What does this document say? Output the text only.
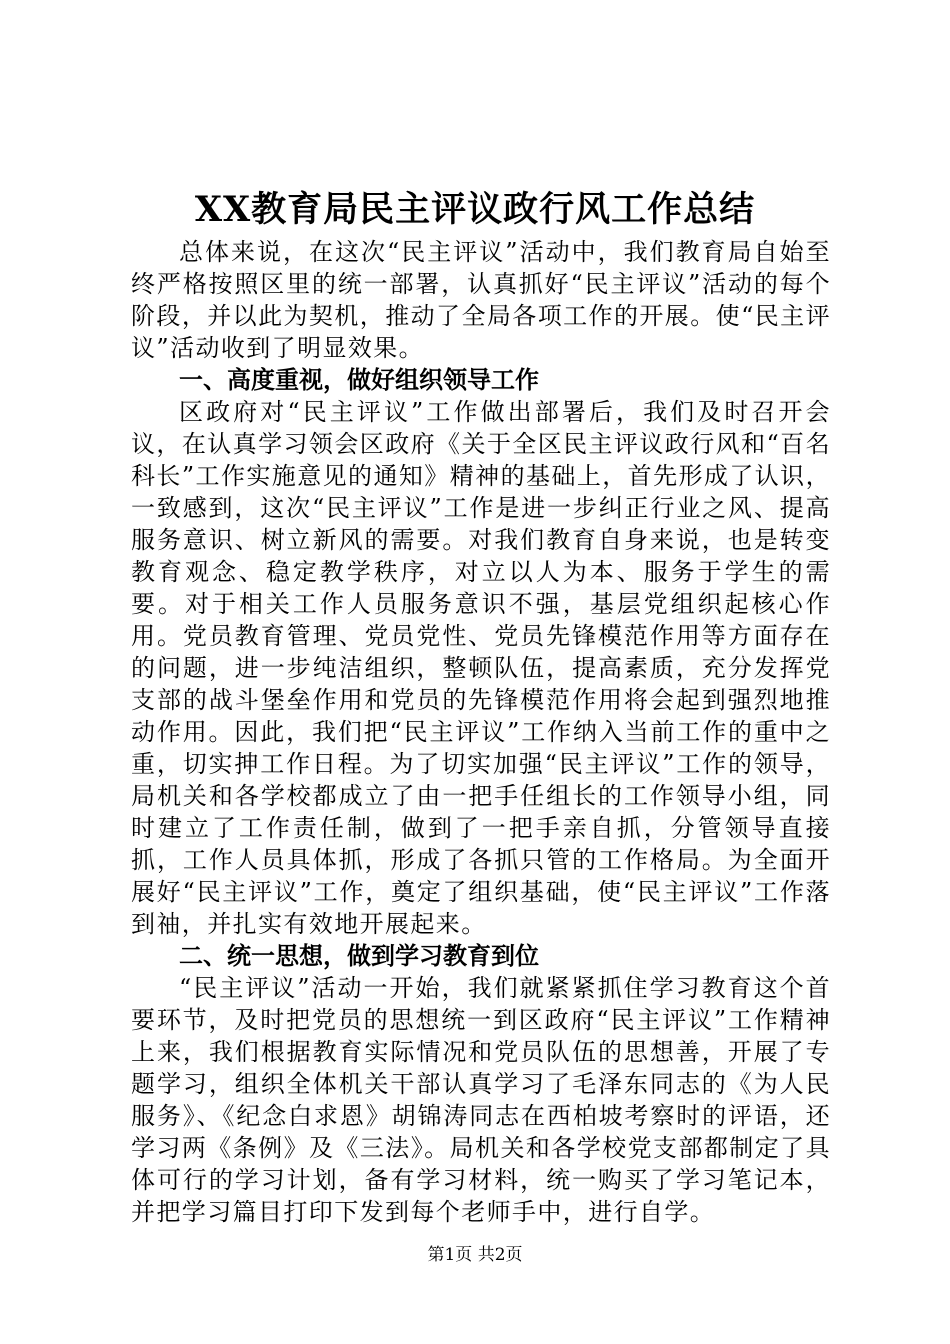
XX教育局民主评议政行风工作总结

总体来说，在这次“民主评议”活动中，我们教育局自始至终严格按照区里的统一部署，认真抓好“民主评议”活动的每个阶段，并以此为契机，推动了全局各项工作的开展。使“民主评议”活动收到了明显效果。

一、高度重视，做好组织领导工作

区政府对“民主评议”工作做出部署后，我们及时召开会议，在认真学习领会区政府《关于全区民主评议政行风和“百名科长”工作实施意见的通知》精神的基础上，首先形成了认识，一致感到，这次“民主评议”工作是进一步纠正行业之风、提高服务意识、树立新风的需要。对我们教育自身来说，也是转变教育观念、稳定教学秩序，对立以人为本、服务于学生的需要。对于相关工作人员服务意识不强，基层党组织起核心作用。党员教育管理、党员党性、党员先锋模范作用等方面存在的问题，进一步纯洁组织，整顿队伍，提高素质，充分发挥党支部的战斗堡垒作用和党员的先锋模范作用将会起到强烈地推动作用。因此，我们把“民主评议”工作纳入当前工作的重中之重，切实抻工作日程。为了切实加强“民主评议”工作的领导，局机关和各学校都成立了由一把手任组长的工作领导小组，同时建立了工作责任制，做到了一把手亲自抓，分管领导直接抓，工作人员具体抓，形成了各抓只管的工作格局。为全面开展好“民主评议”工作，奠定了组织基础，使“民主评议”工作落到䄂，并扎实有效地开展起来。

二、统一思想，做到学习教育到位

“民主评议”活动一开始，我们就紧紧抓住学习教育这个首要环节，及时把党员的思想统一到区政府“民主评议”工作精神上来，我们根据教育实际情况和党员队伍的思想善，开展了专题学习，组织全体机关干部认真学习了毛泽东同志的《为人民服务》、《纪念白求恩》胡锦涛同志在西柏坡考察时的评语，还学习两《条例》及《三法》。局机关和各学校党支部都制定了具体可行的学习计划，备有学习材料，统一购买了学习笔记本，并把学习篇目打印下发到每个老师手中，进行自学。

第1页 共2页
